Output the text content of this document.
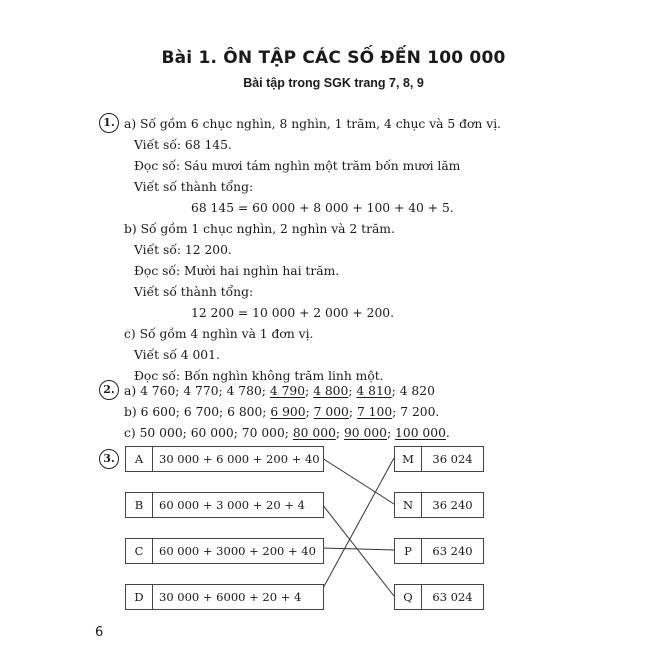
Bài 1. ÔN TẬP CÁC SỐ ĐẾN 100 000
Bài tập trong SGK trang 7, 8, 9
1. a) Số gồm 6 chục nghìn, 8 nghìn, 1 trăm, 4 chục và 5 đơn vị.
Viết số: 68 145.
Đọc số: Sáu mươi tám nghìn một trăm bốn mươi lăm
Viết số thành tổng:
68 145 = 60 000 + 8 000 + 100 + 40 + 5.
b) Số gồm 1 chục nghìn, 2 nghìn và 2 trăm.
Viết số: 12 200.
Đọc số: Mười hai nghìn hai trăm.
Viết số thành tổng:
12 200 = 10 000 + 2 000 + 200.
c) Số gồm 4 nghìn và 1 đơn vị.
Viết số 4 001.
Đọc số: Bốn nghìn không trăm linh một.
2. a) 4 760; 4 770; 4 780; 4 790; 4 800; 4 810; 4 820
b) 6 600; 6 700; 6 800; 6 900; 7 000; 7 100; 7 200.
c) 50 000; 60 000; 70 000; 80 000; 90 000; 100 000.
3.	A	30 000 + 6 000 + 200 + 40
B	60 000 + 3 000 + 20 + 4
C	60 000 + 3000 + 200 + 40
D	30 000 + 6000 + 20 + 4
M	36 024
N	36 240
P	63 240
Q	63 024
6
